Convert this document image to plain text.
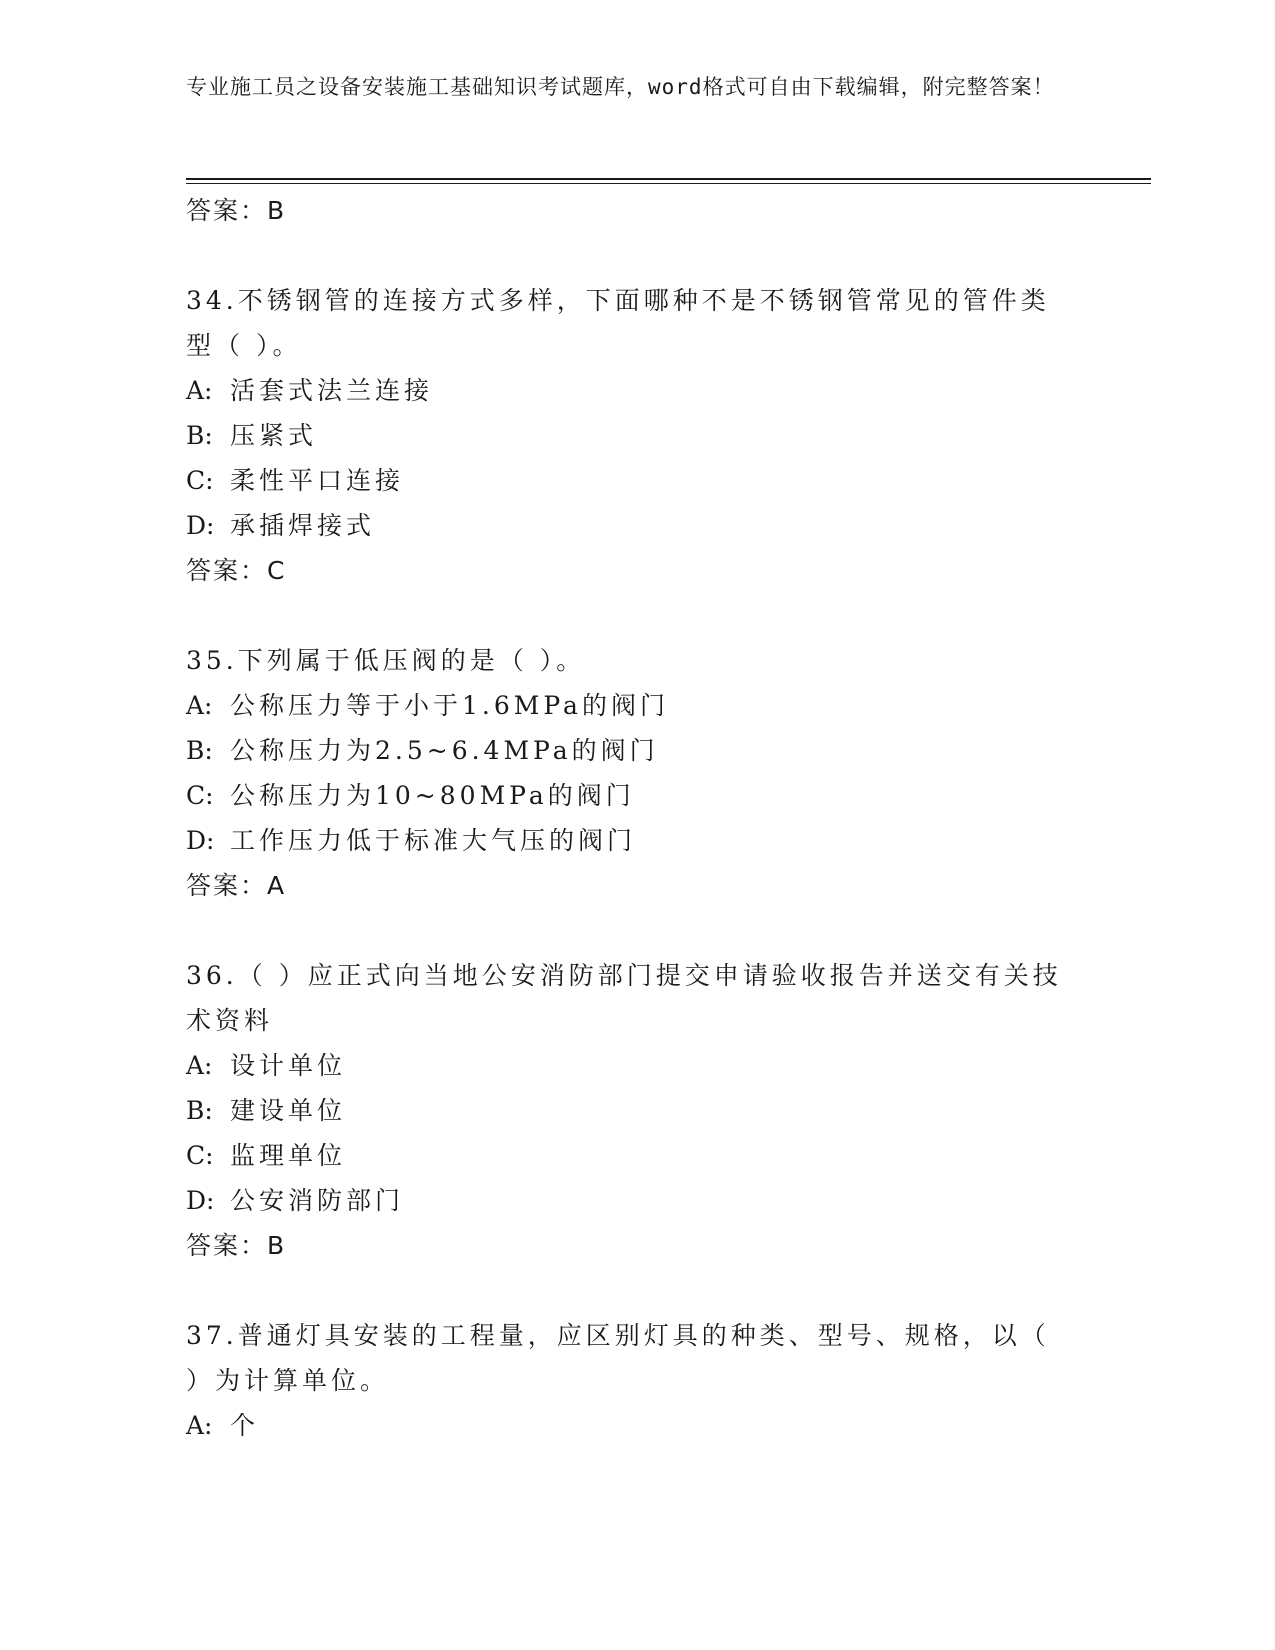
专业施工员之设备安装施工基础知识考试题库，word格式可自由下载编辑，附完整答案！

答案：B

34.不锈钢管的连接方式多样，下面哪种不是不锈钢管常见的管件类型（ ）。

A: 活套式法兰连接

B: 压紧式

C: 柔性平口连接

D: 承插焊接式

答案：C

35.下列属于低压阀的是（ ）。

A: 公称压力等于小于1.6MPa的阀门

B: 公称压力为2.5~6.4MPa的阀门

C: 公称压力为10~80MPa的阀门

D: 工作压力低于标准大气压的阀门

答案：A

36.（ ）应正式向当地公安消防部门提交申请验收报告并送交有关技术资料

A: 设计单位

B: 建设单位

C: 监理单位

D: 公安消防部门

答案：B

37.普通灯具安装的工程量，应区别灯具的种类、型号、规格，以（ ）为计算单位。

A: 个
